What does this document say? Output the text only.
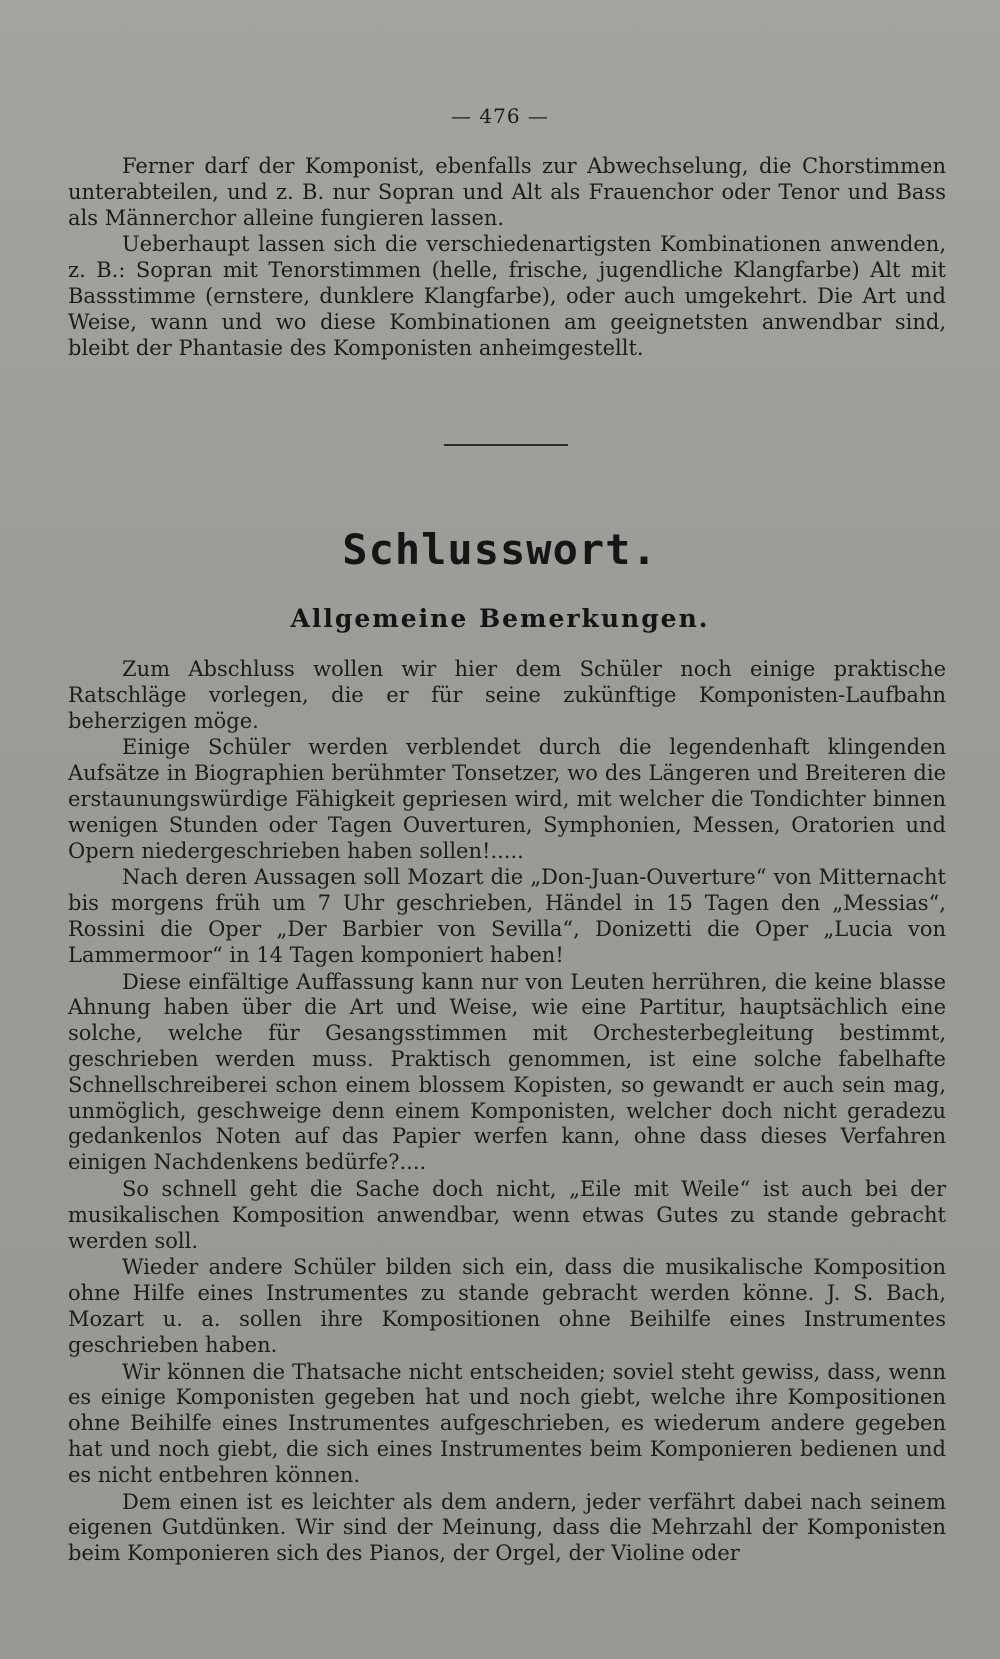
— 476 —

Ferner darf der Komponist, ebenfalls zur Abwechselung, die Chorstimmen unterabteilen, und z. B. nur Sopran und Alt als Frauenchor oder Tenor und Bass als Männerchor alleine fungieren lassen.

Ueberhaupt lassen sich die verschiedenartigsten Kombinationen anwenden, z. B.: Sopran mit Tenorstimmen (helle, frische, jugendliche Klangfarbe) Alt mit Bassstimme (ernstere, dunklere Klangfarbe), oder auch umgekehrt. Die Art und Weise, wann und wo diese Kombinationen am geeignetsten anwendbar sind, bleibt der Phantasie des Komponisten anheimgestellt.

Schlusswort.
Allgemeine Bemerkungen.

Zum Abschluss wollen wir hier dem Schüler noch einige praktische Ratschläge vorlegen, die er für seine zukünftige Komponisten-Laufbahn beherzigen möge.

Einige Schüler werden verblendet durch die legendenhaft klingenden Aufsätze in Biographien berühmter Tonsetzer, wo des Längeren und Breiteren die erstaunungswürdige Fähigkeit gepriesen wird, mit welcher die Tondichter binnen wenigen Stunden oder Tagen Ouverturen, Symphonien, Messen, Oratorien und Opern niedergeschrieben haben sollen!.....

Nach deren Aussagen soll Mozart die „Don-Juan-Ouverture“ von Mitternacht bis morgens früh um 7 Uhr geschrieben, Händel in 15 Tagen den „Messias“, Rossini die Oper „Der Barbier von Sevilla“, Donizetti die Oper „Lucia von Lammermoor“ in 14 Tagen komponiert haben!

Diese einfältige Auffassung kann nur von Leuten herrühren, die keine blasse Ahnung haben über die Art und Weise, wie eine Partitur, hauptsächlich eine solche, welche für Gesangsstimmen mit Orchesterbegleitung bestimmt, geschrieben werden muss. Praktisch genommen, ist eine solche fabelhafte Schnellschreiberei schon einem blossem Kopisten, so gewandt er auch sein mag, unmöglich, geschweige denn einem Komponisten, welcher doch nicht geradezu gedankenlos Noten auf das Papier werfen kann, ohne dass dieses Verfahren einigen Nachdenkens bedürfe?....

So schnell geht die Sache doch nicht, „Eile mit Weile“ ist auch bei der musikalischen Komposition anwendbar, wenn etwas Gutes zu stande gebracht werden soll.

Wieder andere Schüler bilden sich ein, dass die musikalische Komposition ohne Hilfe eines Instrumentes zu stande gebracht werden könne. J. S. Bach, Mozart u. a. sollen ihre Kompositionen ohne Beihilfe eines Instrumentes geschrieben haben.

Wir können die Thatsache nicht entscheiden; soviel steht gewiss, dass, wenn es einige Komponisten gegeben hat und noch giebt, welche ihre Kompositionen ohne Beihilfe eines Instrumentes aufgeschrieben, es wiederum andere gegeben hat und noch giebt, die sich eines Instrumentes beim Komponieren bedienen und es nicht entbehren können.

Dem einen ist es leichter als dem andern, jeder verfährt dabei nach seinem eigenen Gutdünken. Wir sind der Meinung, dass die Mehrzahl der Komponisten beim Komponieren sich des Pianos, der Orgel, der Violine oder
